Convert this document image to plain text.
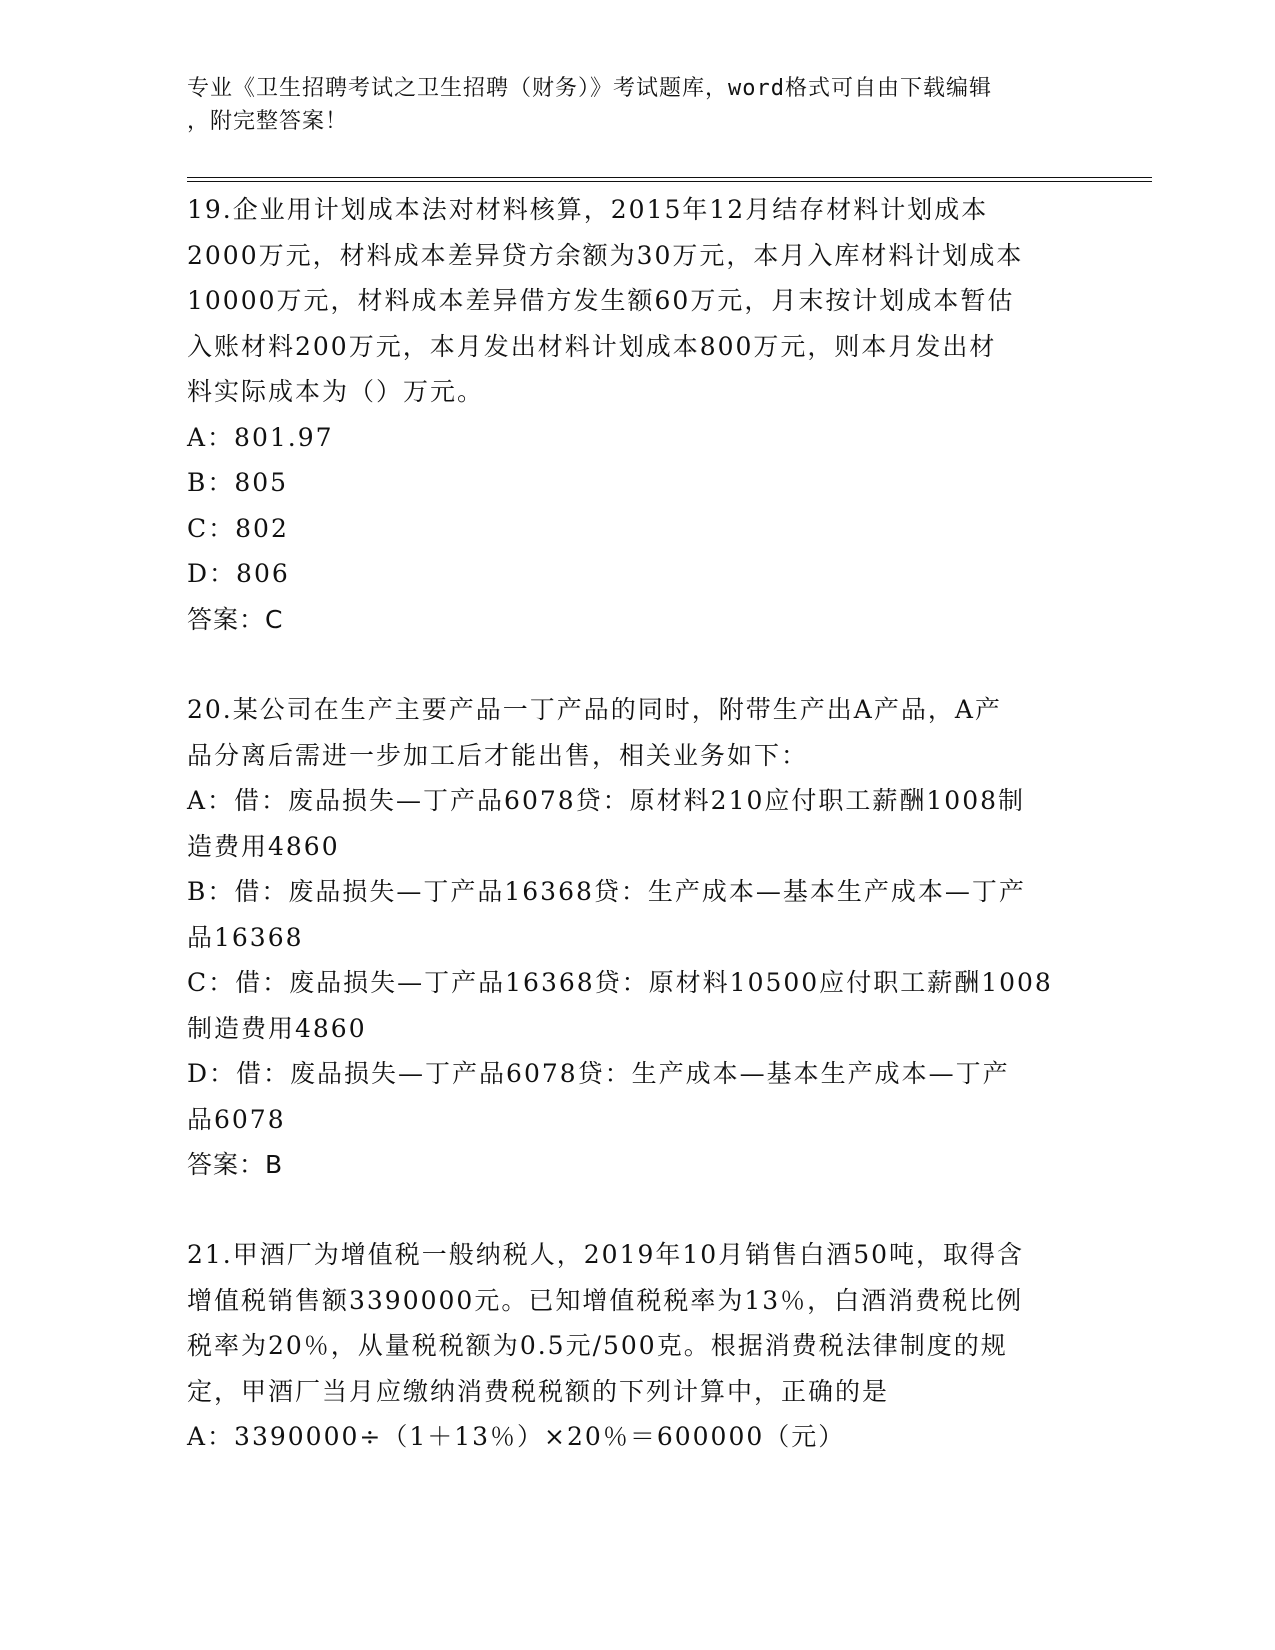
专业《卫生招聘考试之卫生招聘（财务）》考试题库，word格式可自由下载编辑
，附完整答案！
19.企业用计划成本法对材料核算，2015年12月结存材料计划成本
2000万元，材料成本差异贷方余额为30万元，本月入库材料计划成本
10000万元，材料成本差异借方发生额60万元，月末按计划成本暂估
入账材料200万元，本月发出材料计划成本800万元，则本月发出材
料实际成本为（）万元。
A：801.97
B：805
C：802
D：806
答案：C
20.某公司在生产主要产品一丁产品的同时，附带生产出A产品，A产
品分离后需进一步加工后才能出售，相关业务如下：
A：借：废品损失—丁产品6078贷：原材料210应付职工薪酬1008制
造费用4860
B：借：废品损失—丁产品16368贷：生产成本—基本生产成本—丁产
品16368
C：借：废品损失—丁产品16368贷：原材料10500应付职工薪酬1008
制造费用4860
D：借：废品损失—丁产品6078贷：生产成本—基本生产成本—丁产
品6078
答案：B
21.甲酒厂为增值税一般纳税人，2019年10月销售白酒50吨，取得含
增值税销售额3390000元。已知增值税税率为13％，白酒消费税比例
税率为20％，从量税税额为0.5元/500克。根据消费税法律制度的规
定，甲酒厂当月应缴纳消费税税额的下列计算中，正确的是
A：3390000÷（1＋13％）×20％＝600000（元）
